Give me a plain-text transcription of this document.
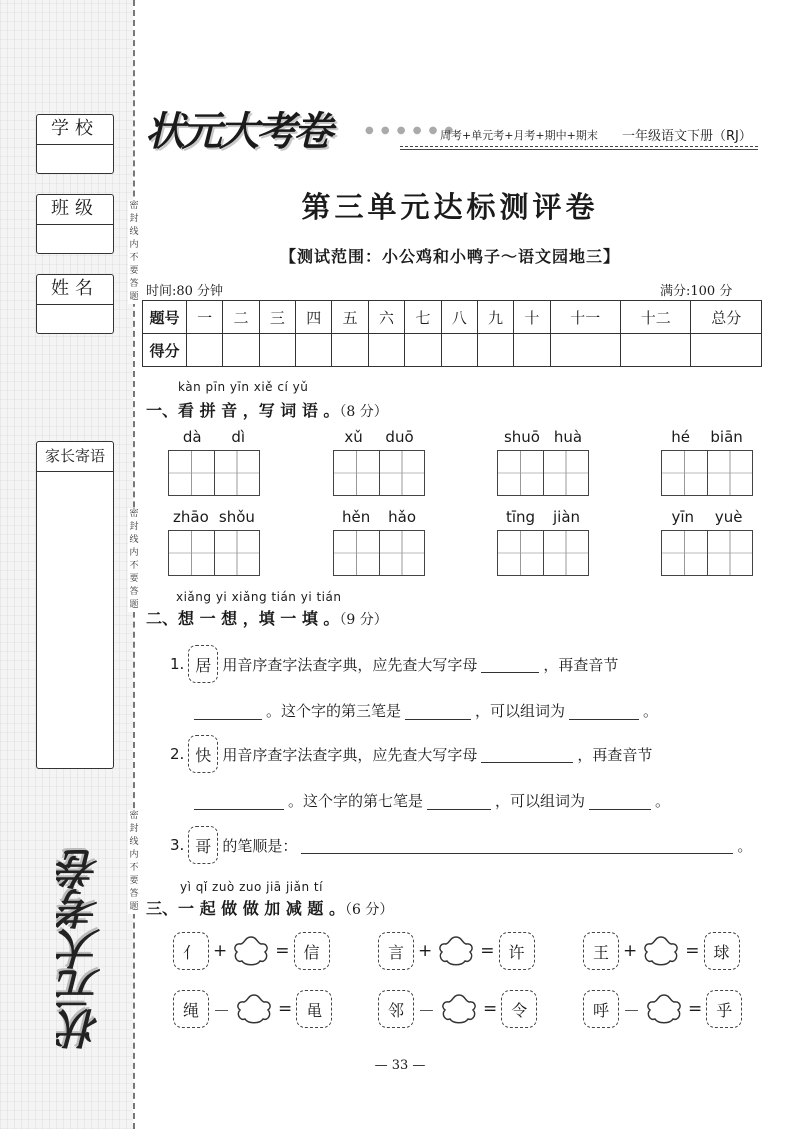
密封线内不要答题
密封线内不要答题
密封线内不要答题
学校
班级
姓名
家长寄语
状元大考卷
状元大考卷	● ● ● ● ● ●
周考+单元考+月考+期中+期末 一年级语文下册（RJ）
第三单元达标测评卷
【测试范围：小公鸡和小鸭子～语文园地三】
时间:80 分钟	满分:100 分
题号	一	二	三	四	五	六	七	八	九	十	十一	十二	总分
得分													
kàn pīn yīn xiě cí yǔ
一、看 拼 音 ，写 词 语 。（8 分）
dà dì	xǔ duō	shuō huà	hé biān
zhāo shǒu	hěn hǎo	tīng jiàn	yīn yuè
xiǎng yi xiǎng tián yi tián
二、想 一 想 ，填 一 填 。（9 分）
1. 居 用音序查字法查字典，应先查大写字母	，再查音节
。这个字的第三笔是	，可以组词为	。
2. 快 用音序查字法查字典，应先查大写字母	，再查音节
。这个字的第七笔是	，可以组词为	。
3. 哥 的笔顺是：	。
yì qǐ zuò zuo jiā jiǎn tí
三、一 起 做 做 加 减 题 。（6 分）
亻 +	= 信	言 +	= 许	王 +	= 球
绳 －	= 黾	邻 －	= 令	呼 －	= 乎
— 33 —
